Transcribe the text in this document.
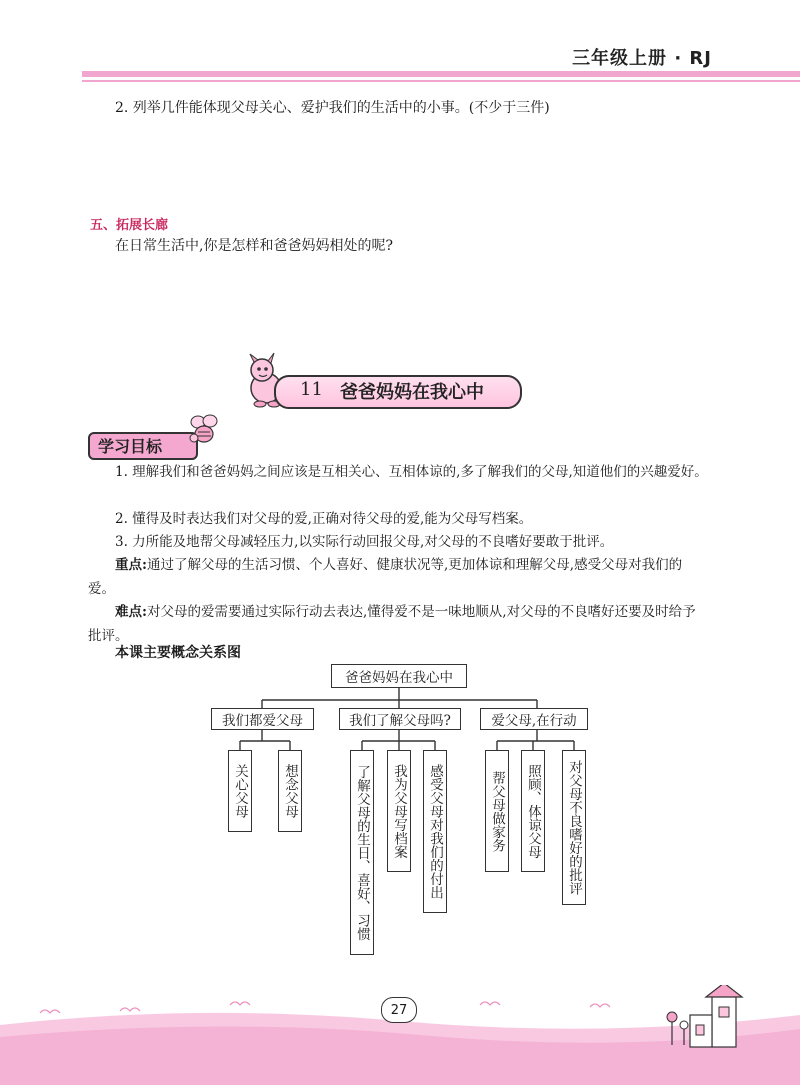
三年级上册 · RJ
2. 列举几件能体现父母关心、爱护我们的生活中的小事。(不少于三件)
五、拓展长廊
在日常生活中,你是怎样和爸爸妈妈相处的呢?
11 爸爸妈妈在我心中
学习目标
1. 理解我们和爸爸妈妈之间应该是互相关心、互相体谅的,多了解我们的父母,知道他们的兴趣爱好。
2. 懂得及时表达我们对父母的爱,正确对待父母的爱,能为父母写档案。
3. 力所能及地帮父母减轻压力,以实际行动回报父母,对父母的不良嗜好要敢于批评。
重点:通过了解父母的生活习惯、个人喜好、健康状况等,更加体谅和理解父母,感受父母对我们的爱。
难点:对父母的爱需要通过实际行动去表达,懂得爱不是一味地顺从,对父母的不良嗜好还要及时给予批评。
本课主要概念关系图
爸爸妈妈在我心中
我们都爱父母	我们了解父母吗?	爱父母,在行动
关心父母	想念父母	了解父母的生日、喜好、习惯 我为父母写档案 感受父母对我们的付出	帮父母做家务 照顾、体谅父母 对父母不良嗜好的批评
27
